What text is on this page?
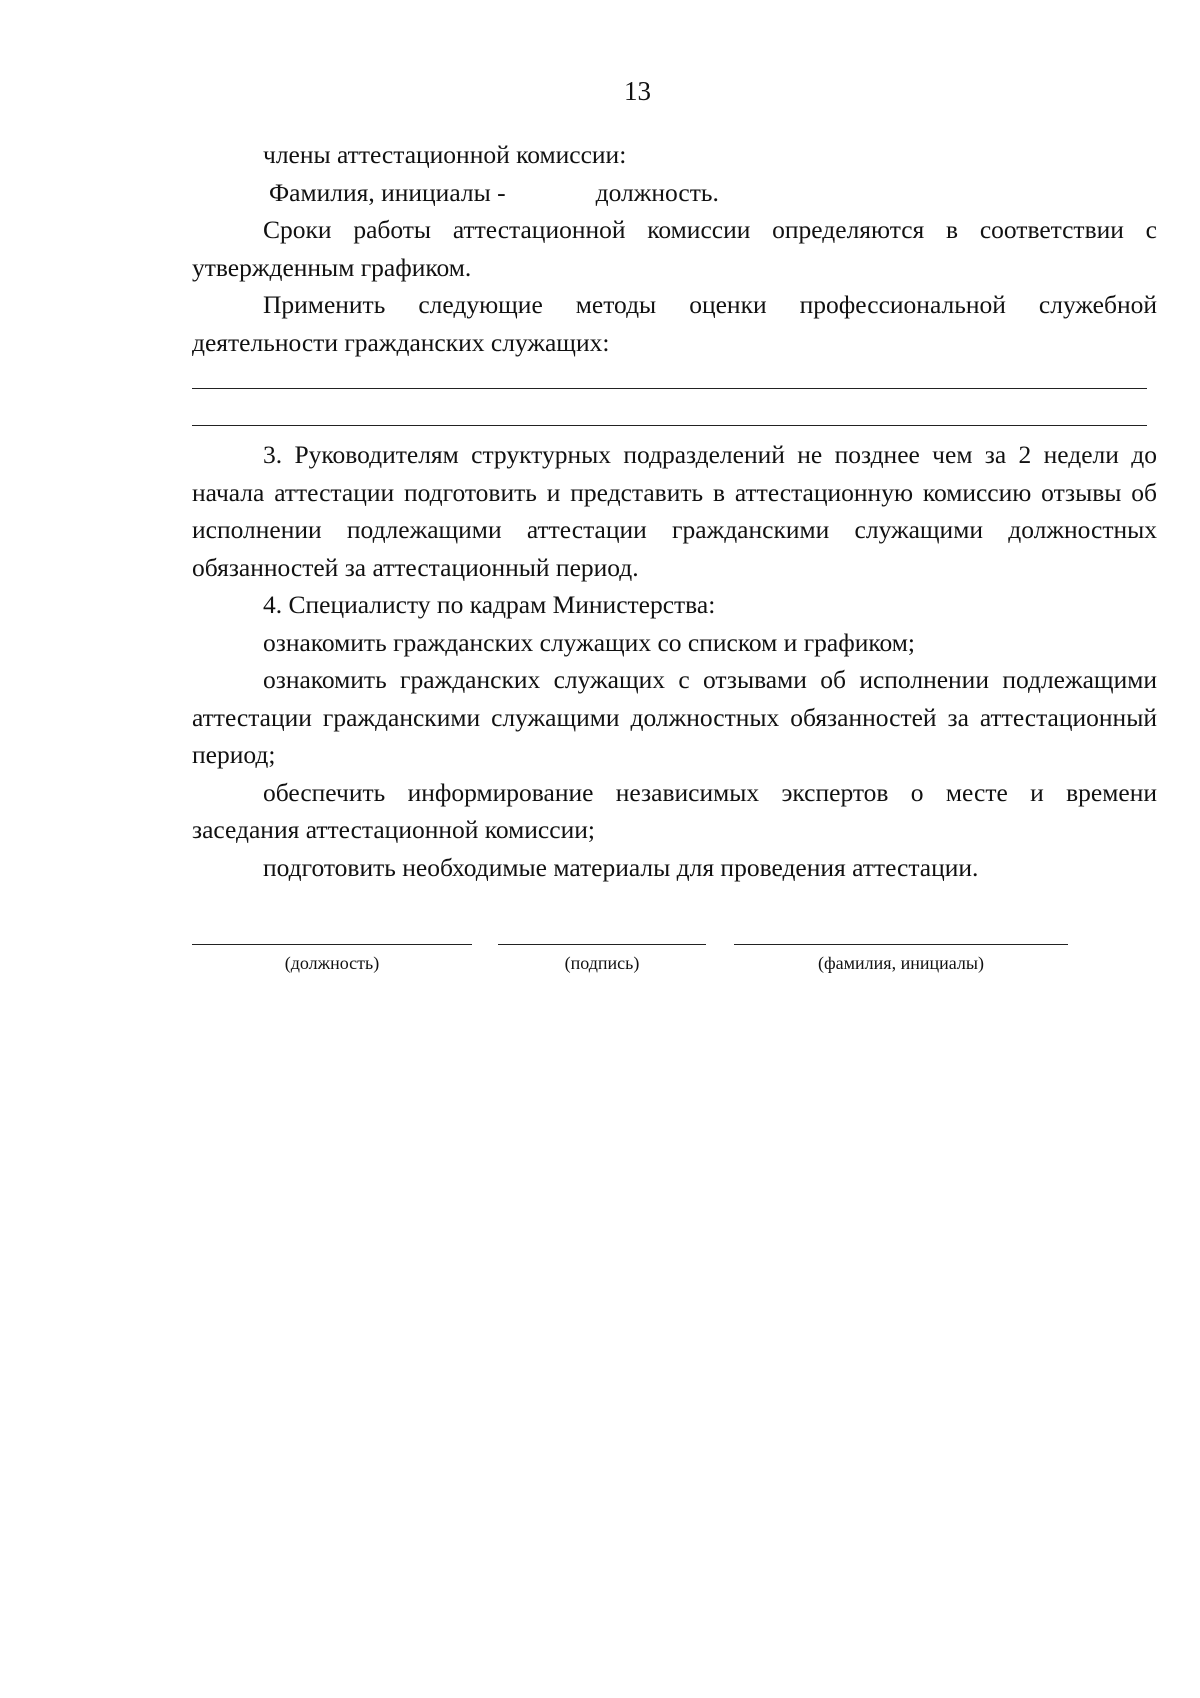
13

члены аттестационной комиссии:

Фамилия, инициалы -	должность.

Сроки работы аттестационной комиссии определяются в соответствии с утвержденным графиком.

Применить следующие методы оценки профессиональной служебной деятельности гражданских служащих:

3. Руководителям структурных подразделений не позднее чем за 2 недели до начала аттестации подготовить и представить в аттестационную комиссию отзывы об исполнении подлежащими аттестации гражданскими служащими должностных обязанностей за аттестационный период.

4. Специалисту по кадрам Министерства:

ознакомить гражданских служащих со списком и графиком;

ознакомить гражданских служащих с отзывами об исполнении подлежащими аттестации гражданскими служащими должностных обязанностей за аттестационный период;

обеспечить информирование независимых экспертов о месте и времени заседания аттестационной комиссии;

подготовить необходимые материалы для проведения аттестации.

(должность)	(подпись)	(фамилия, инициалы)
